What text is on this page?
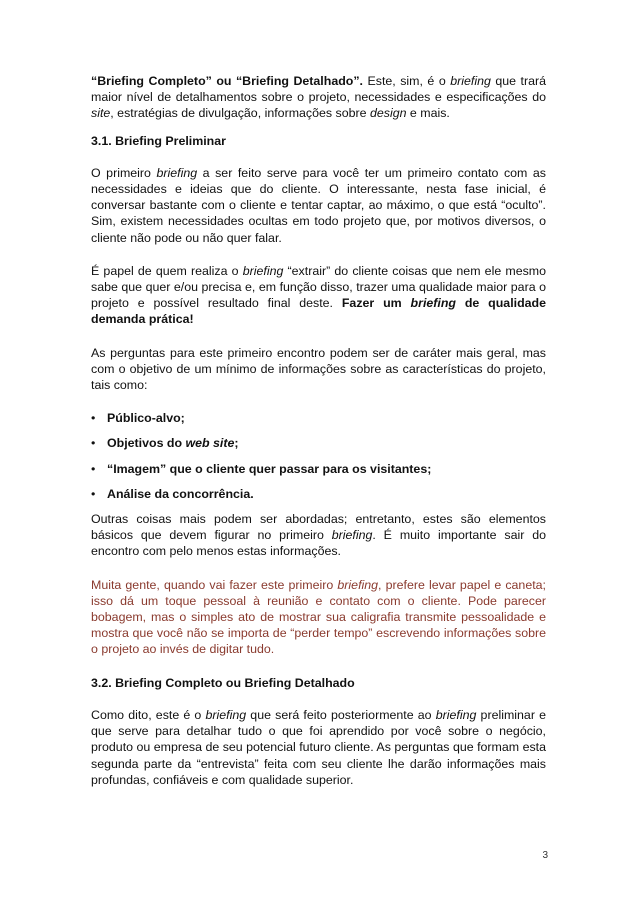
“Briefing Completo” ou “Briefing Detalhado”. Este, sim, é o briefing que trará maior nível de detalhamentos sobre o projeto, necessidades e especificações do site, estratégias de divulgação, informações sobre design e mais.

3.1. Briefing Preliminar

O primeiro briefing a ser feito serve para você ter um primeiro contato com as necessidades e ideias que do cliente. O interessante, nesta fase inicial, é conversar bastante com o cliente e tentar captar, ao máximo, o que está “oculto”. Sim, existem necessidades ocultas em todo projeto que, por motivos diversos, o cliente não pode ou não quer falar.

É papel de quem realiza o briefing “extrair” do cliente coisas que nem ele mesmo sabe que quer e/ou precisa e, em função disso, trazer uma qualidade maior para o projeto e possível resultado final deste. Fazer um briefing de qualidade demanda prática!

As perguntas para este primeiro encontro podem ser de caráter mais geral, mas com o objetivo de um mínimo de informações sobre as características do projeto, tais como:

• Público-alvo;

• Objetivos do web site;

• “Imagem” que o cliente quer passar para os visitantes;

• Análise da concorrência.

Outras coisas mais podem ser abordadas; entretanto, estes são elementos básicos que devem figurar no primeiro briefing. É muito importante sair do encontro com pelo menos estas informações.

Muita gente, quando vai fazer este primeiro briefing, prefere levar papel e caneta; isso dá um toque pessoal à reunião e contato com o cliente. Pode parecer bobagem, mas o simples ato de mostrar sua caligrafia transmite pessoalidade e mostra que você não se importa de “perder tempo” escrevendo informações sobre o projeto ao invés de digitar tudo.

3.2. Briefing Completo ou Briefing Detalhado

Como dito, este é o briefing que será feito posteriormente ao briefing preliminar e que serve para detalhar tudo o que foi aprendido por você sobre o negócio, produto ou empresa de seu potencial futuro cliente. As perguntas que formam esta segunda parte da “entrevista” feita com seu cliente lhe darão informações mais profundas, confiáveis e com qualidade superior.

3
